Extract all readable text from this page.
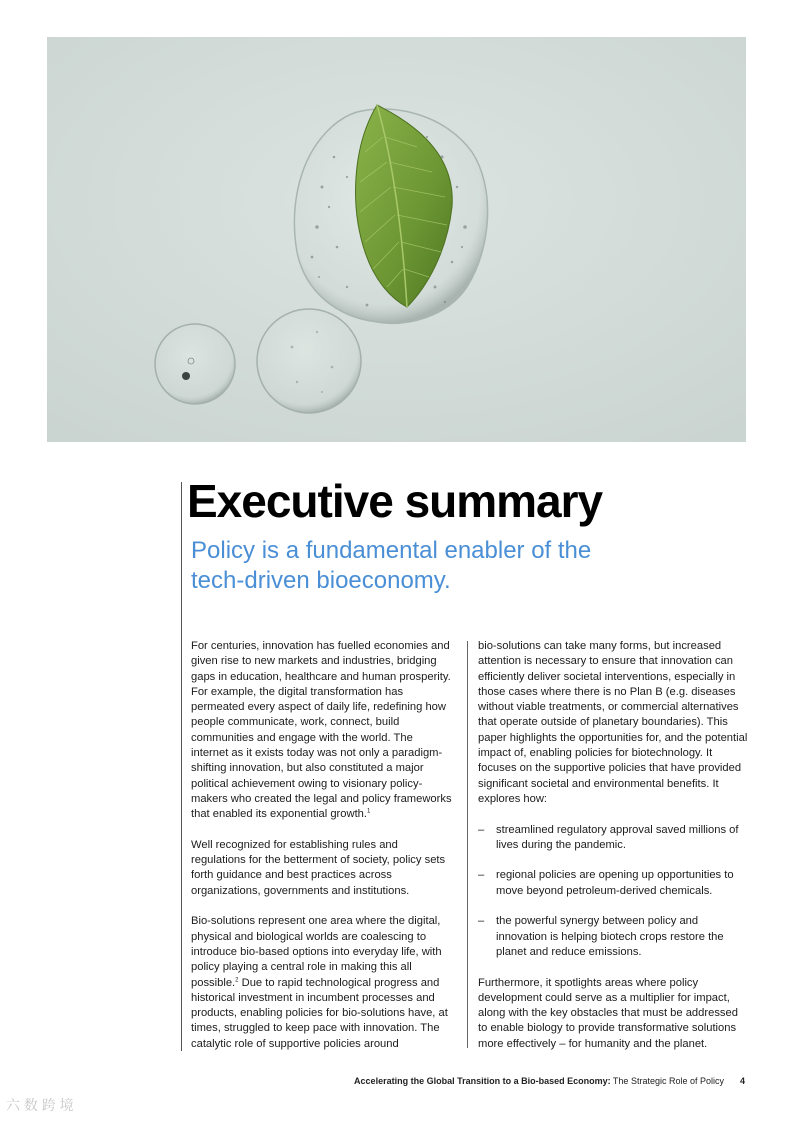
Executive summary
Policy is a fundamental enabler of the tech-driven bioeconomy.

For centuries, innovation has fuelled economies and given rise to new markets and industries, bridging gaps in education, healthcare and human prosperity. For example, the digital transformation has permeated every aspect of daily life, redefining how people communicate, work, connect, build communities and engage with the world. The internet as it exists today was not only a paradigm-shifting innovation, but also constituted a major political achievement owing to visionary policy-makers who created the legal and policy frameworks that enabled its exponential growth.$^1$

Well recognized for establishing rules and regulations for the betterment of society, policy sets forth guidance and best practices across organizations, governments and institutions.

Bio-solutions represent one area where the digital, physical and biological worlds are coalescing to introduce bio-based options into everyday life, with policy playing a central role in making this all possible.$^2$ Due to rapid technological progress and historical investment in incumbent processes and products, enabling policies for bio-solutions have, at times, struggled to keep pace with innovation. The catalytic role of supportive policies around

bio-solutions can take many forms, but increased attention is necessary to ensure that innovation can efficiently deliver societal interventions, especially in those cases where there is no Plan B (e.g. diseases without viable treatments, or commercial alternatives that operate outside of planetary boundaries). This paper highlights the opportunities for, and the potential impact of, enabling policies for biotechnology. It focuses on the supportive policies that have provided significant societal and environmental benefits. It explores how:

– streamlined regulatory approval saved millions of lives during the pandemic.
– regional policies are opening up opportunities to move beyond petroleum-derived chemicals.
– the powerful synergy between policy and innovation is helping biotech crops restore the planet and reduce emissions.

Furthermore, it spotlights areas where policy development could serve as a multiplier for impact, along with the key obstacles that must be addressed to enable biology to provide transformative solutions more effectively – for humanity and the planet.

Accelerating the Global Transition to a Bio-based Economy: The Strategic Role of Policy 4
六 数 跨 境
